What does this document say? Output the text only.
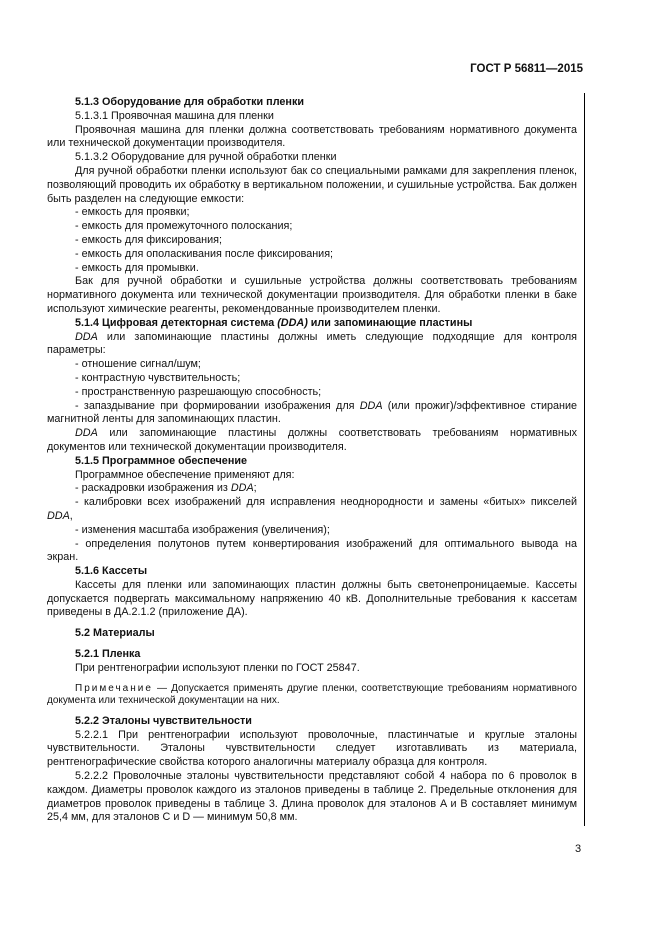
ГОСТ Р 56811—2015

5.1.3 Оборудование для обработки пленки

5.1.3.1 Проявочная машина для пленки

Проявочная машина для пленки должна соответствовать требованиям нормативного документа или технической документации производителя.

5.1.3.2 Оборудование для ручной обработки пленки

Для ручной обработки пленки используют бак со специальными рамками для закрепления пленок, позволяющий проводить их обработку в вертикальном положении, и сушильные устройства. Бак должен быть разделен на следующие емкости:

- емкость для проявки;

- емкость для промежуточного полоскания;

- емкость для фиксирования;

- емкость для ополаскивания после фиксирования;

- емкость для промывки.

Бак для ручной обработки и сушильные устройства должны соответствовать требованиям нормативного документа или технической документации производителя. Для обработки пленки в баке используют химические реагенты, рекомендованные производителем пленки.

5.1.4 Цифровая детекторная система (DDA) или запоминающие пластины

DDA или запоминающие пластины должны иметь следующие подходящие для контроля параметры:

- отношение сигнал/шум;

- контрастную чувствительность;

- пространственную разрешающую способность;

- запаздывание при формировании изображения для DDA (или прожиг)/эффективное стирание магнитной ленты для запоминающих пластин.

DDA или запоминающие пластины должны соответствовать требованиям нормативных документов или технической документации производителя.

5.1.5 Программное обеспечение

Программное обеспечение применяют для:

- раскадровки изображения из DDA;

- калибровки всех изображений для исправления неоднородности и замены «битых» пикселей DDA,

- изменения масштаба изображения (увеличения);

- определения полутонов путем конвертирования изображений для оптимального вывода на экран.

5.1.6 Кассеты

Кассеты для пленки или запоминающих пластин должны быть светонепроницаемые. Кассеты допускается подвергать максимальному напряжению 40 кВ. Дополнительные требования к кассетам приведены в ДА.2.1.2 (приложение ДА).

5.2 Материалы

5.2.1 Пленка

При рентгенографии используют пленки по ГОСТ 25847.

Примечание — Допускается применять другие пленки, соответствующие требованиям нормативного документа или технической документации на них.

5.2.2 Эталоны чувствительности

5.2.2.1 При рентгенографии используют проволочные, пластинчатые и круглые эталоны чувствительности. Эталоны чувствительности следует изготавливать из материала, рентгенографические свойства которого аналогичны материалу образца для контроля.

5.2.2.2 Проволочные эталоны чувствительности представляют собой 4 набора по 6 проволок в каждом. Диаметры проволок каждого из эталонов приведены в таблице 2. Предельные отклонения для диаметров проволок приведены в таблице 3. Длина проволок для эталонов A и B составляет минимум 25,4 мм, для эталонов C и D — минимум 50,8 мм.

3
